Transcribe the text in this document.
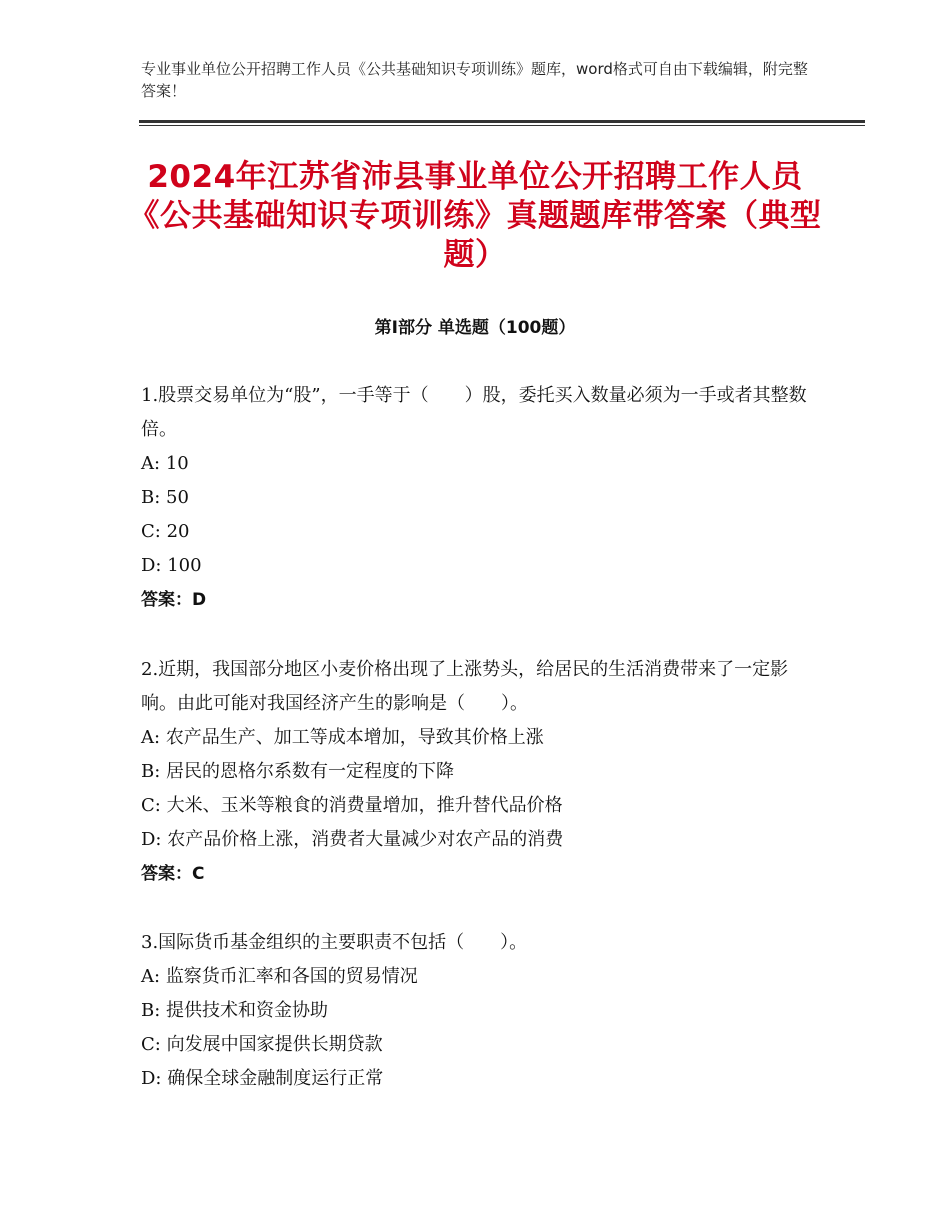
专业事业单位公开招聘工作人员《公共基础知识专项训练》题库，word格式可自由下载编辑，附完整答案！
2024年江苏省沛县事业单位公开招聘工作人员《公共基础知识专项训练》真题题库带答案（典型题）
第Ⅰ部分 单选题（100题）

1.股票交易单位为“股”，一手等于（　　）股，委托买入数量必须为一手或者其整数倍。

A: 10

B: 50

C: 20

D: 100

答案：D

2.近期，我国部分地区小麦价格出现了上涨势头，给居民的生活消费带来了一定影响。由此可能对我国经济产生的影响是（　　）。

A: 农产品生产、加工等成本增加，导致其价格上涨

B: 居民的恩格尔系数有一定程度的下降

C: 大米、玉米等粮食的消费量增加，推升替代品价格

D: 农产品价格上涨，消费者大量减少对农产品的消费

答案：C

3.国际货币基金组织的主要职责不包括（　　）。

A: 监察货币汇率和各国的贸易情况

B: 提供技术和资金协助

C: 向发展中国家提供长期贷款

D: 确保全球金融制度运行正常
